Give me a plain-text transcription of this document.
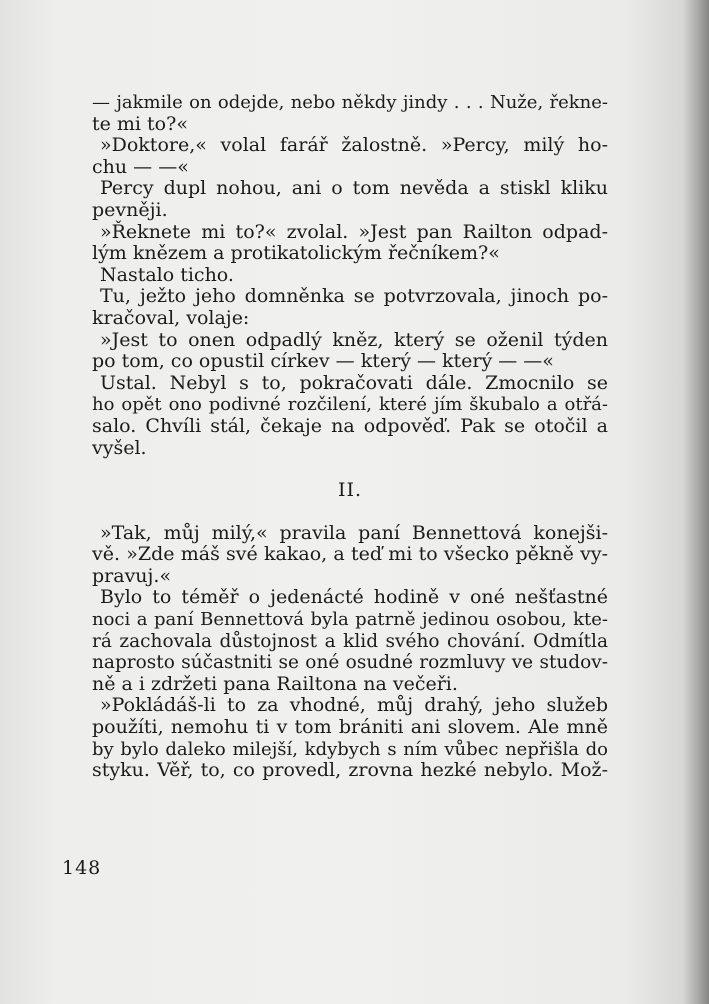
— jakmile on odejde, nebo někdy jindy . . . Nuže, řekne-
te mi to?«
»Doktore,« volal farář žalostně. »Percy, milý ho-
chu — —«
Percy dupl nohou, ani o tom nevěda a stiskl kliku
pevněji.
»Řeknete mi to?« zvolal. »Jest pan Railton odpad-
lým knězem a protikatolickým řečníkem?«
Nastalo ticho.
Tu, ježto jeho domněnka se potvrzovala, jinoch po-
kračoval, volaje:
»Jest to onen odpadlý kněz, který se oženil týden
po tom, co opustil církev — který — který — —«
Ustal. Nebyl s to, pokračovati dále. Zmocnilo se
ho opět ono podivné rozčilení, které jím škubalo a otřá-
salo. Chvíli stál, čekaje na odpověď. Pak se otočil a
vyšel.
II.
»Tak, můj milý,« pravila paní Bennettová konejši-
vě. »Zde máš své kakao, a teď mi to všecko pěkně vy-
pravuj.«
Bylo to téměř o jedenácté hodině v oné nešťastné
noci a paní Bennettová byla patrně jedinou osobou, kte-
rá zachovala důstojnost a klid svého chování. Odmítla
naprosto súčastniti se oné osudné rozmluvy ve studov-
ně a i zdržeti pana Railtona na večeři.
»Pokládáš-li to za vhodné, můj drahý, jeho služeb
použíti, nemohu ti v tom brániti ani slovem. Ale mně
by bylo daleko milejší, kdybych s ním vůbec nepřišla do
styku. Věř, to, co provedl, zrovna hezké nebylo. Mož-
148
